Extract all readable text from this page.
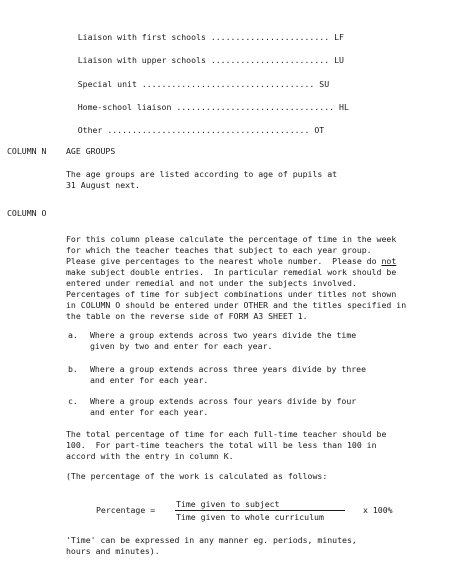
Liaison with first schools ........................ LF

Liaison with upper schools ........................ LU

Special unit ................................... SU

Home-school liaison ................................ HL

Other ......................................... OT

COLUMN N AGE GROUPS
The age groups are listed according to age of pupils at
31 August next.
COLUMN O
For this column please calculate the percentage of time in the week
for which the teacher teaches that subject to each year group.
Please give percentages to the nearest whole number.  Please do not
make subject double entries.  In particular remedial work should be
entered under remedial and not under the subjects involved.
Percentages of time for subject combinations under titles not shown
in COLUMN O should be entered under OTHER and the titles specified in
the table on the reverse side of FORM A3 SHEET 1.
a. Where a group extends across two years divide the time
given by two and enter for each year.
b. Where a group extends across three years divide by three
and enter for each year.
c. Where a group extends across four years divide by four
and enter for each year.
The total percentage of time for each full-time teacher should be
100.  For part-time teachers the total will be less than 100 in
accord with the entry in column K.
(The percentage of the work is calculated as follows:
Percentage =
Time given to subject
Time given to whole curriculum
x 100%
'Time' can be expressed in any manner eg. periods, minutes,
hours and minutes).
